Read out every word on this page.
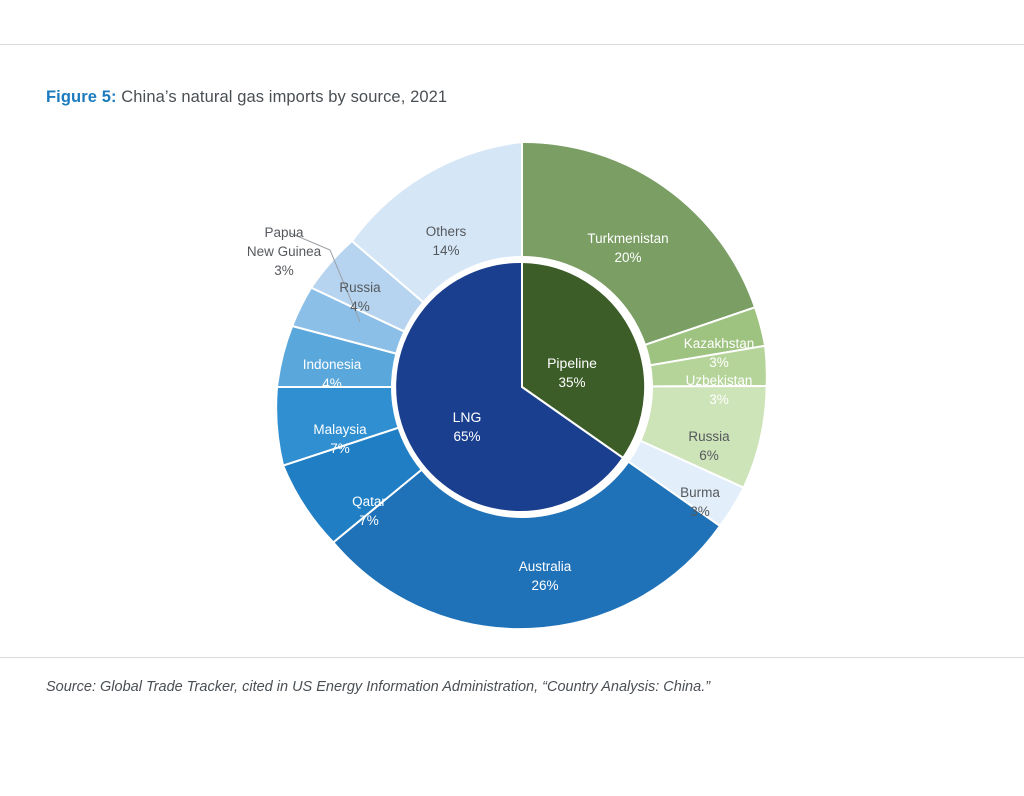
Figure 5: China’s natural gas imports by source, 2021
Turkmenistan
20%
Kazakhstan
3%
Uzbekistan
3%
Russia
6%
Burma
3%
Australia
26%
Qatar
7%
Malaysia
7%
Indonesia
4%
Papua
New Guinea
3%
Russia
4%
Others
14%
Pipeline
35%
LNG
65%
Source: Global Trade Tracker, cited in US Energy Information Administration, “Country Analysis: China.”
